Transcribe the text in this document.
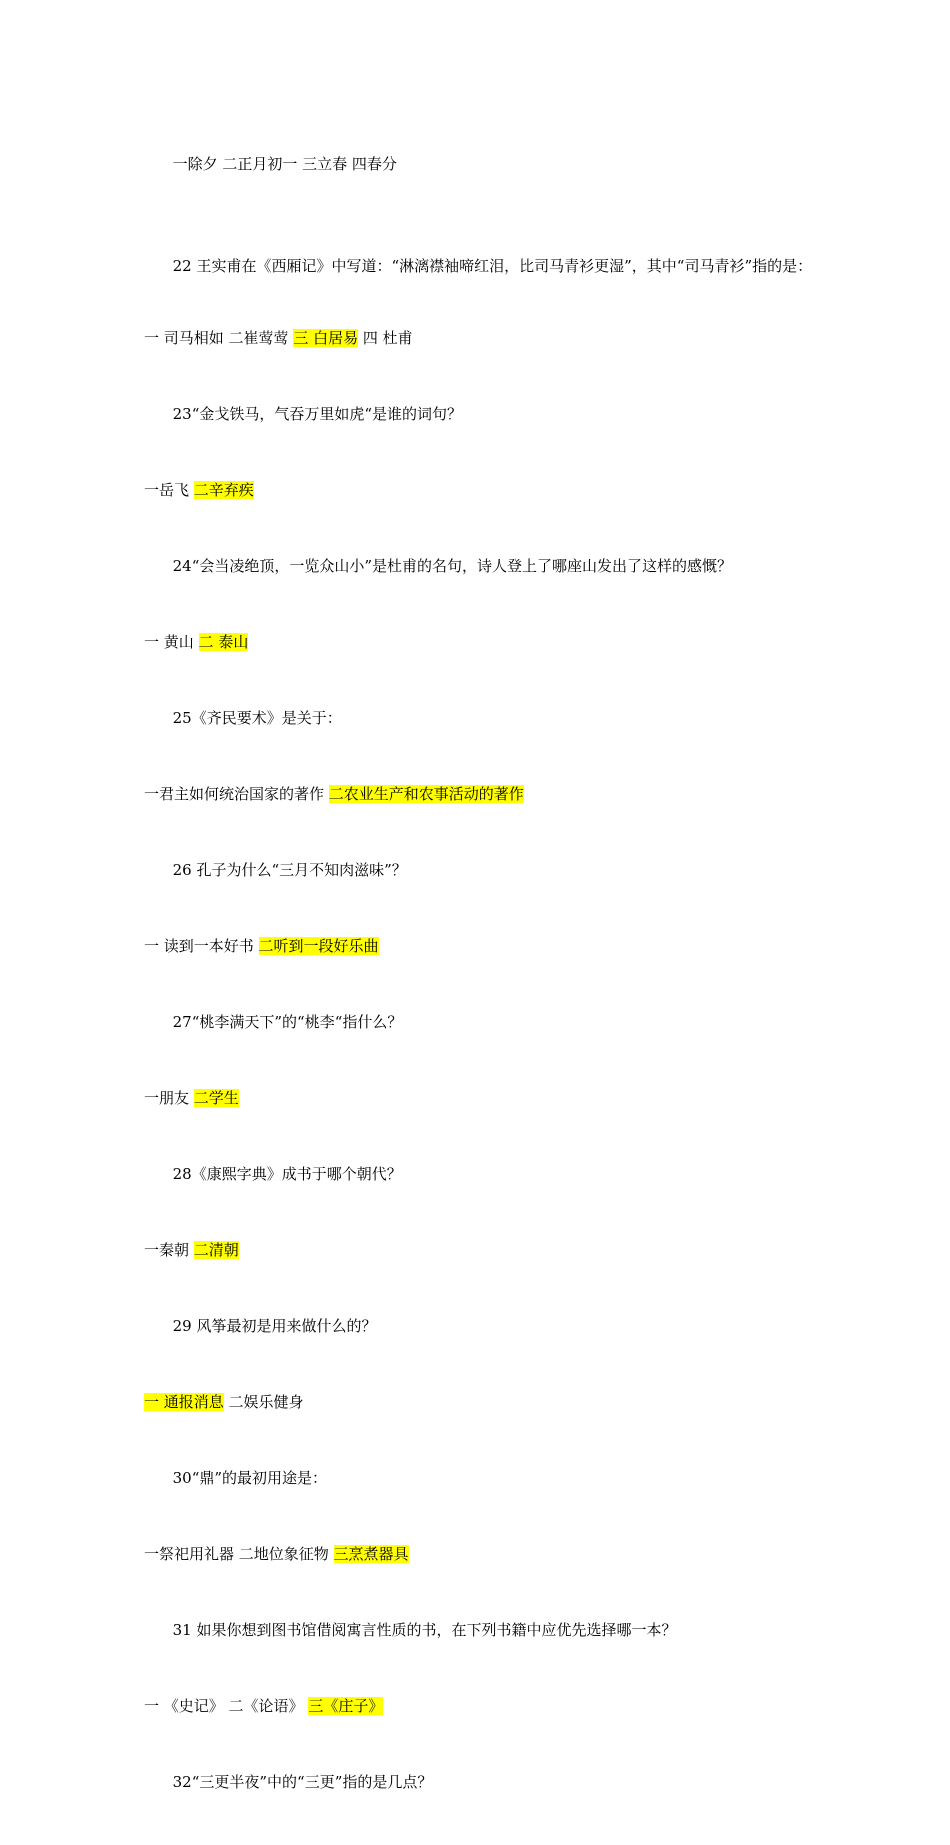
一除夕 二正月初一 三立春 四春分

22 王实甫在《西厢记》中写道：“淋漓襟袖啼红泪，比司马青衫更湿”，其中“司马青衫”指的是：

一 司马相如 二崔莺莺 三 白居易 四 杜甫

23“金戈铁马，气吞万里如虎“是谁的词句？

一岳飞 二辛弃疾

24“会当凌绝顶，一览众山小”是杜甫的名句，诗人登上了哪座山发出了这样的感慨？

一 黄山 二 泰山

25《齐民要术》是关于：

一君主如何统治国家的著作 二农业生产和农事活动的著作

26 孔子为什么“三月不知肉滋味”？

一 读到一本好书 二听到一段好乐曲

27“桃李满天下”的“桃李“指什么？

一朋友 二学生

28《康熙字典》成书于哪个朝代？

一秦朝 二清朝

29 风筝最初是用来做什么的？

一 通报消息 二娱乐健身

30“鼎”的最初用途是：

一祭祀用礼器 二地位象征物 三烹煮器具

31 如果你想到图书馆借阅寓言性质的书，在下列书籍中应优先选择哪一本？

一 《史记》 二《论语》 三《庄子》

32“三更半夜”中的“三更”指的是几点？
